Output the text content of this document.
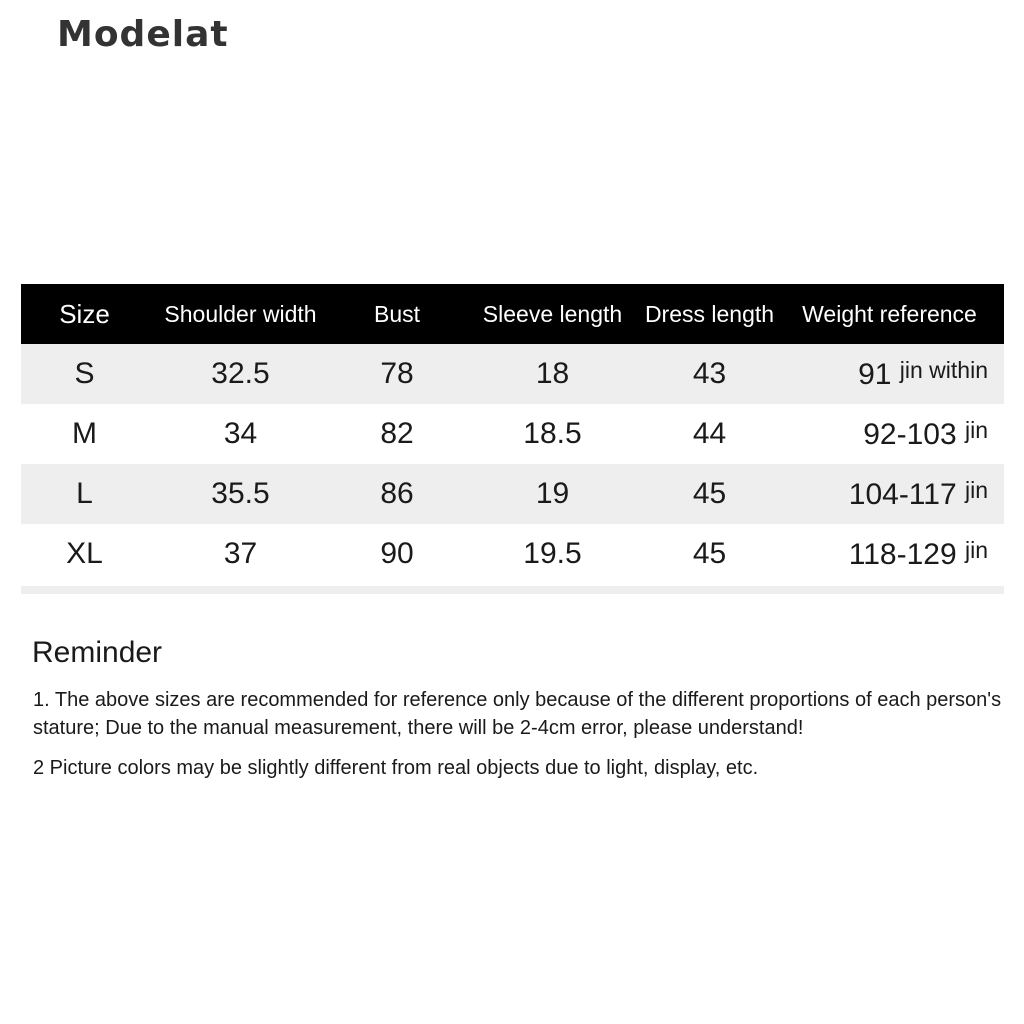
Modelat
Size	Shoulder width	Bust	Sleeve length	Dress length	Weight reference
S	32.5	78	18	43	91 $^{jin within}$
M	34	82	18.5	44	92-103 $^{jin}$
L	35.5	86	19	45	104-117 $^{jin}$
XL	37	90	19.5	45	118-129 $^{jin}$
Reminder
1. The above sizes are recommended for reference only because of the different proportions of each person's stature; Due to the manual measurement, there will be 2-4cm error, please understand!
2 Picture colors may be slightly different from real objects due to light, display, etc.
